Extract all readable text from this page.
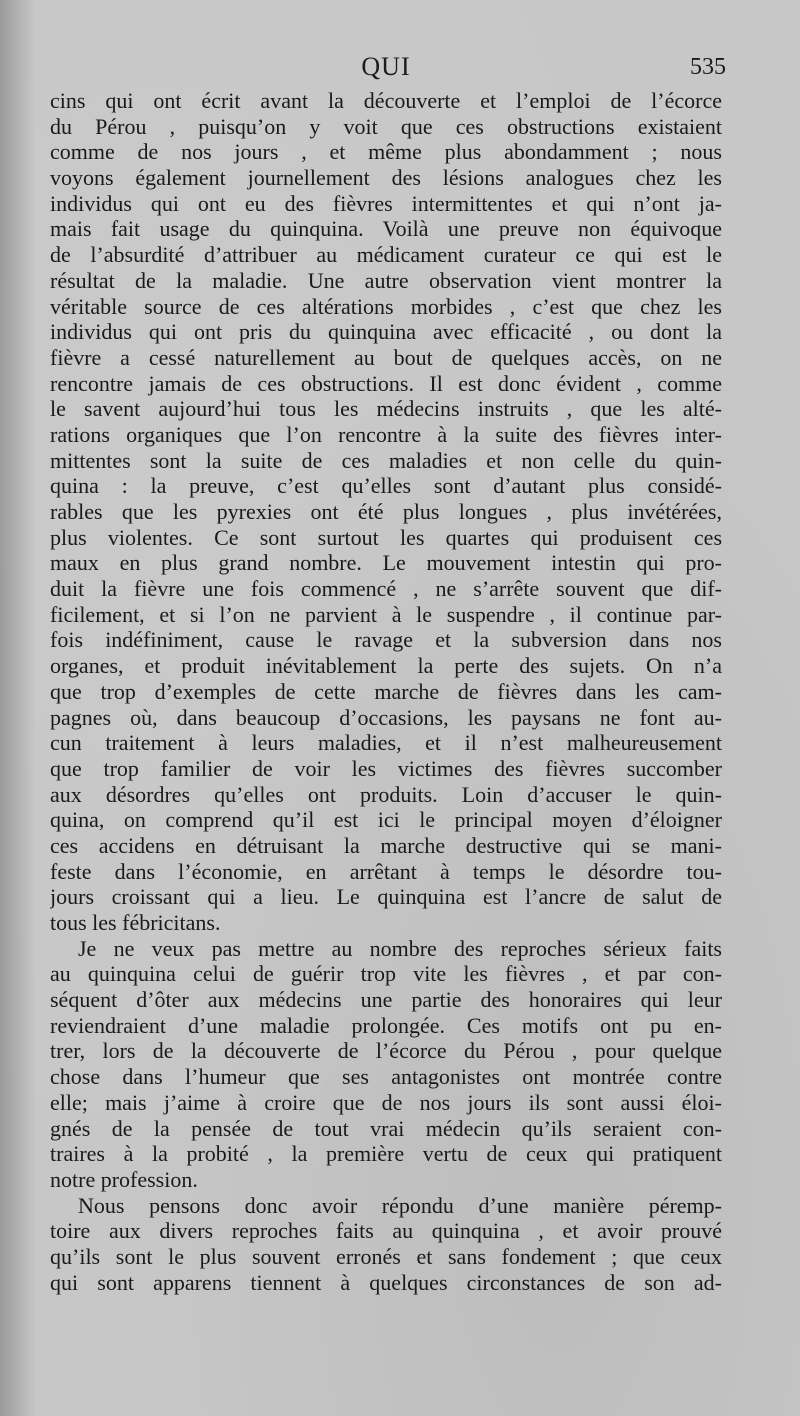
QUI	535
cins qui ont écrit avant la découverte et l’emploi de l’écorce
du Pérou , puisqu’on y voit que ces obstructions existaient
comme de nos jours , et même plus abondamment ; nous
voyons également journellement des lésions analogues chez les
individus qui ont eu des fièvres intermittentes et qui n’ont ja-
mais fait usage du quinquina. Voilà une preuve non équivoque
de l’absurdité d’attribuer au médicament curateur ce qui est le
résultat de la maladie. Une autre observation vient montrer la
véritable source de ces altérations morbides , c’est que chez les
individus qui ont pris du quinquina avec efficacité , ou dont la
fièvre a cessé naturellement au bout de quelques accès, on ne
rencontre jamais de ces obstructions. Il est donc évident , comme
le savent aujourd’hui tous les médecins instruits , que les alté-
rations organiques que l’on rencontre à la suite des fièvres inter-
mittentes sont la suite de ces maladies et non celle du quin-
quina : la preuve, c’est qu’elles sont d’autant plus considé-
rables que les pyrexies ont été plus longues , plus invétérées,
plus violentes. Ce sont surtout les quartes qui produisent ces
maux en plus grand nombre. Le mouvement intestin qui pro-
duit la fièvre une fois commencé , ne s’arrête souvent que dif-
ficilement, et si l’on ne parvient à le suspendre , il continue par-
fois indéfiniment, cause le ravage et la subversion dans nos
organes, et produit inévitablement la perte des sujets. On n’a
que trop d’exemples de cette marche de fièvres dans les cam-
pagnes où, dans beaucoup d’occasions, les paysans ne font au-
cun traitement à leurs maladies, et il n’est malheureusement
que trop familier de voir les victimes des fièvres succomber
aux désordres qu’elles ont produits. Loin d’accuser le quin-
quina, on comprend qu’il est ici le principal moyen d’éloigner
ces accidens en détruisant la marche destructive qui se mani-
feste dans l’économie, en arrêtant à temps le désordre tou-
jours croissant qui a lieu. Le quinquina est l’ancre de salut de
tous les fébricitans.
Je ne veux pas mettre au nombre des reproches sérieux faits
au quinquina celui de guérir trop vite les fièvres , et par con-
séquent d’ôter aux médecins une partie des honoraires qui leur
reviendraient d’une maladie prolongée. Ces motifs ont pu en-
trer, lors de la découverte de l’écorce du Pérou , pour quelque
chose dans l’humeur que ses antagonistes ont montrée contre
elle; mais j’aime à croire que de nos jours ils sont aussi éloi-
gnés de la pensée de tout vrai médecin qu’ils seraient con-
traires à la probité , la première vertu de ceux qui pratiquent
notre profession.
Nous pensons donc avoir répondu d’une manière péremp-
toire aux divers reproches faits au quinquina , et avoir prouvé
qu’ils sont le plus souvent erronés et sans fondement ; que ceux
qui sont apparens tiennent à quelques circonstances de son ad-
